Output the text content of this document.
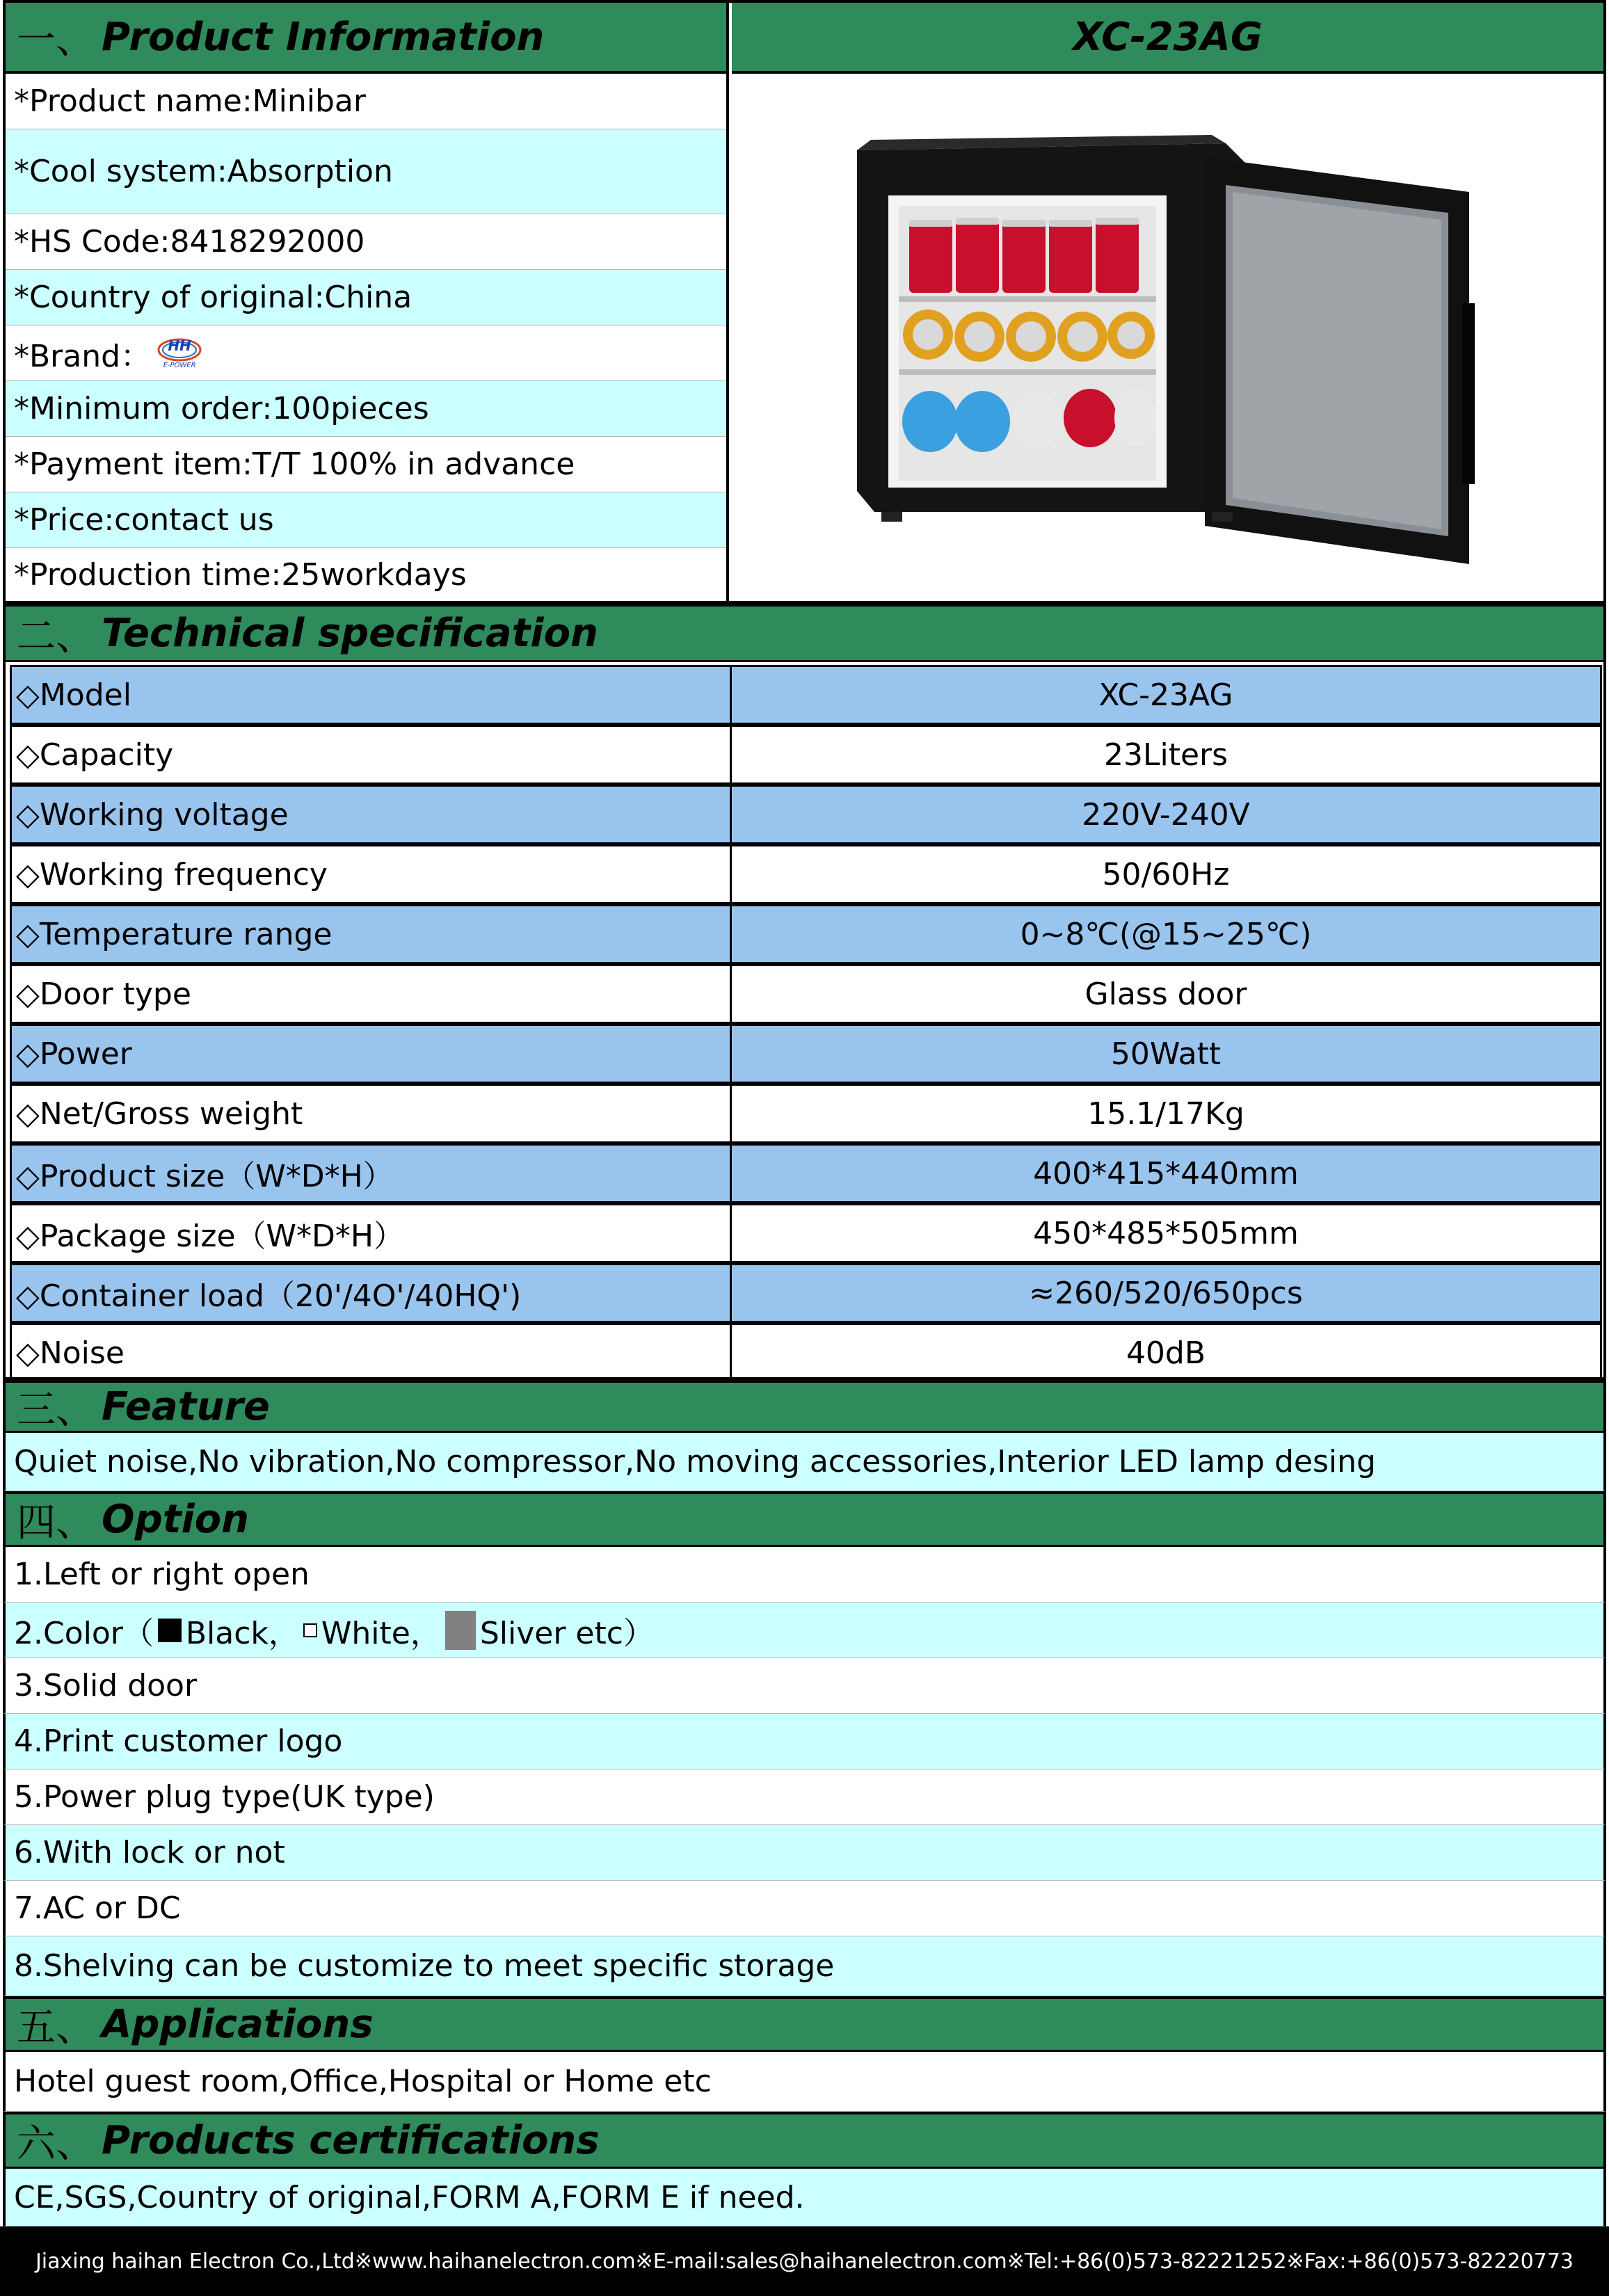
一、 Product Information
*Product name:Minibar
*Cool system:Absorption
*HS Code:8418292000
*Country of original:China
*Brand： HH
E-POWER
*Minimum order:100pieces
*Payment item:T/T 100% in advance
*Price:contact us
*Production time:25workdays
XC-23AG
二、 Technical specification
◇Model	XC-23AG
◇Capacity	23Liters
◇Working voltage	220V-240V
◇Working frequency	50/60Hz
◇Temperature range	0~8℃(@15~25℃)
◇Door type	Glass door
◇Power	50Watt
◇Net/Gross weight	15.1/17Kg
◇Product size（W*D*H）	400*415*440mm
◇Package size（W*D*H）	450*485*505mm
◇Container load（20'/4O'/40HQ')	≈260/520/650pcs
◇Noise	40dB
三、 Feature
Quiet noise,No vibration,No compressor,No moving accessories,Interior LED lamp desing
四、 Option
1.Left or right open
2.Color（ Black， White， Sliver etc）
3.Solid door
4.Print customer logo
5.Power plug type(UK type)
6.With lock or not
7.AC or DC
8.Shelving can be customize to meet specific storage
五、 Applications
Hotel guest room,Office,Hospital or Home etc
六、 Products certifications
CE,SGS,Country of original,FORM A,FORM E if need.
Jiaxing haihan Electron Co.,Ltd※www.haihanelectron.com※E-mail:sales@haihanelectron.com※Tel:+86(0)573-82221252※Fax:+86(0)573-82220773
